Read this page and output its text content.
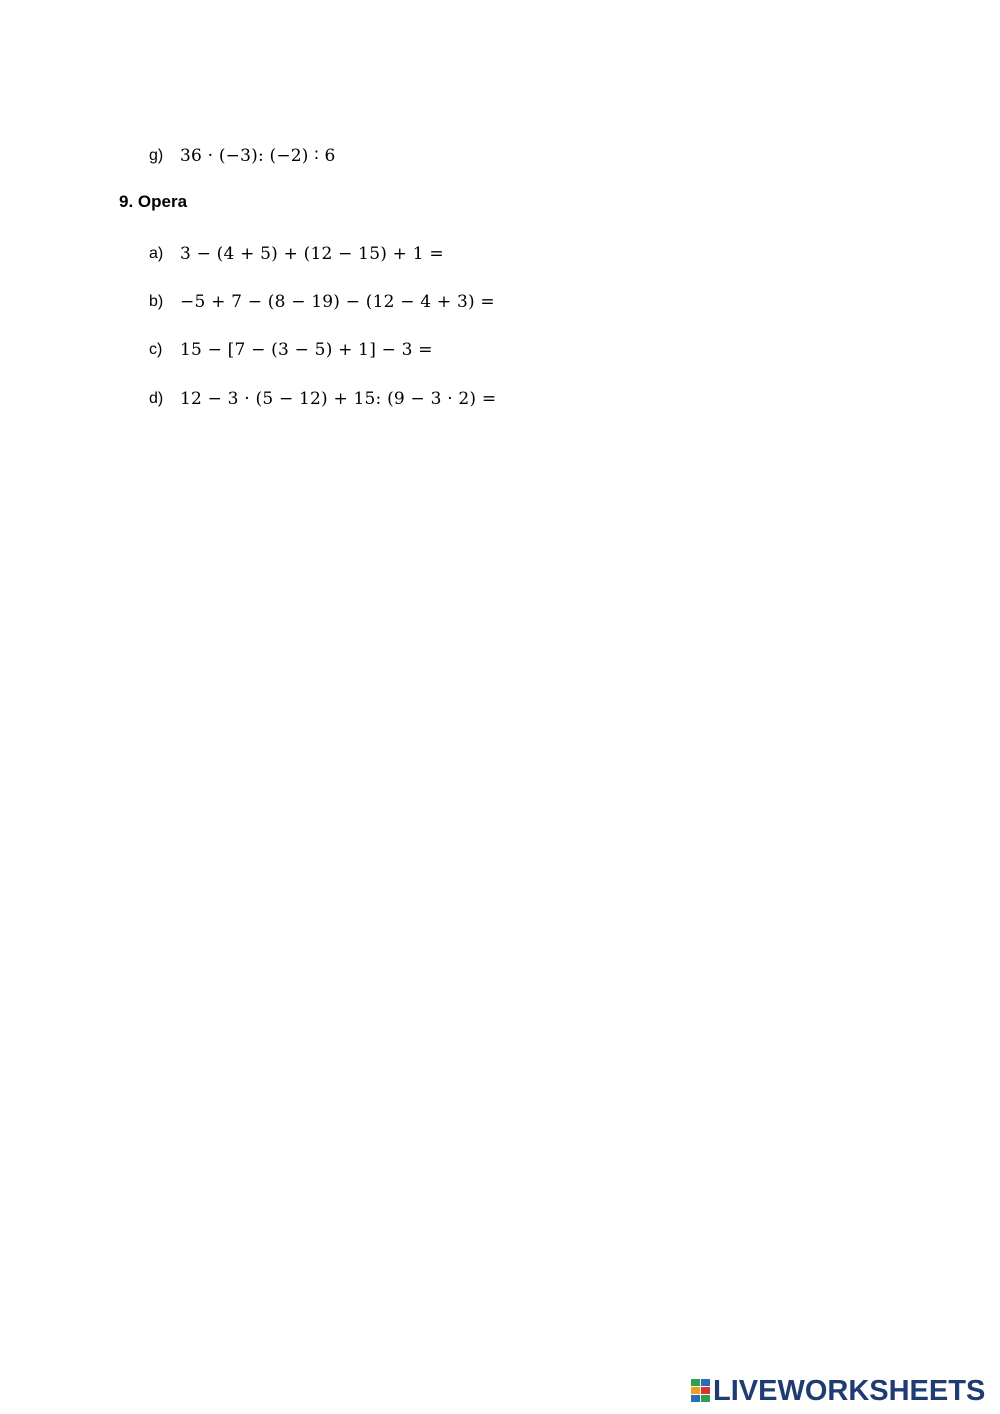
g) 36 · (−3): (−2) ∶ 6
9. Opera
a) 3 − (4 + 5) + (12 − 15) + 1 =
b) −5 + 7 − (8 − 19) − (12 − 4 + 3) =
c)	15 − [7 − (3 − 5) + 1] − 3 =
d) 12 − 3 · (5 − 12) + 15: (9 − 3 · 2) =
LIVEWORKSHEETS
